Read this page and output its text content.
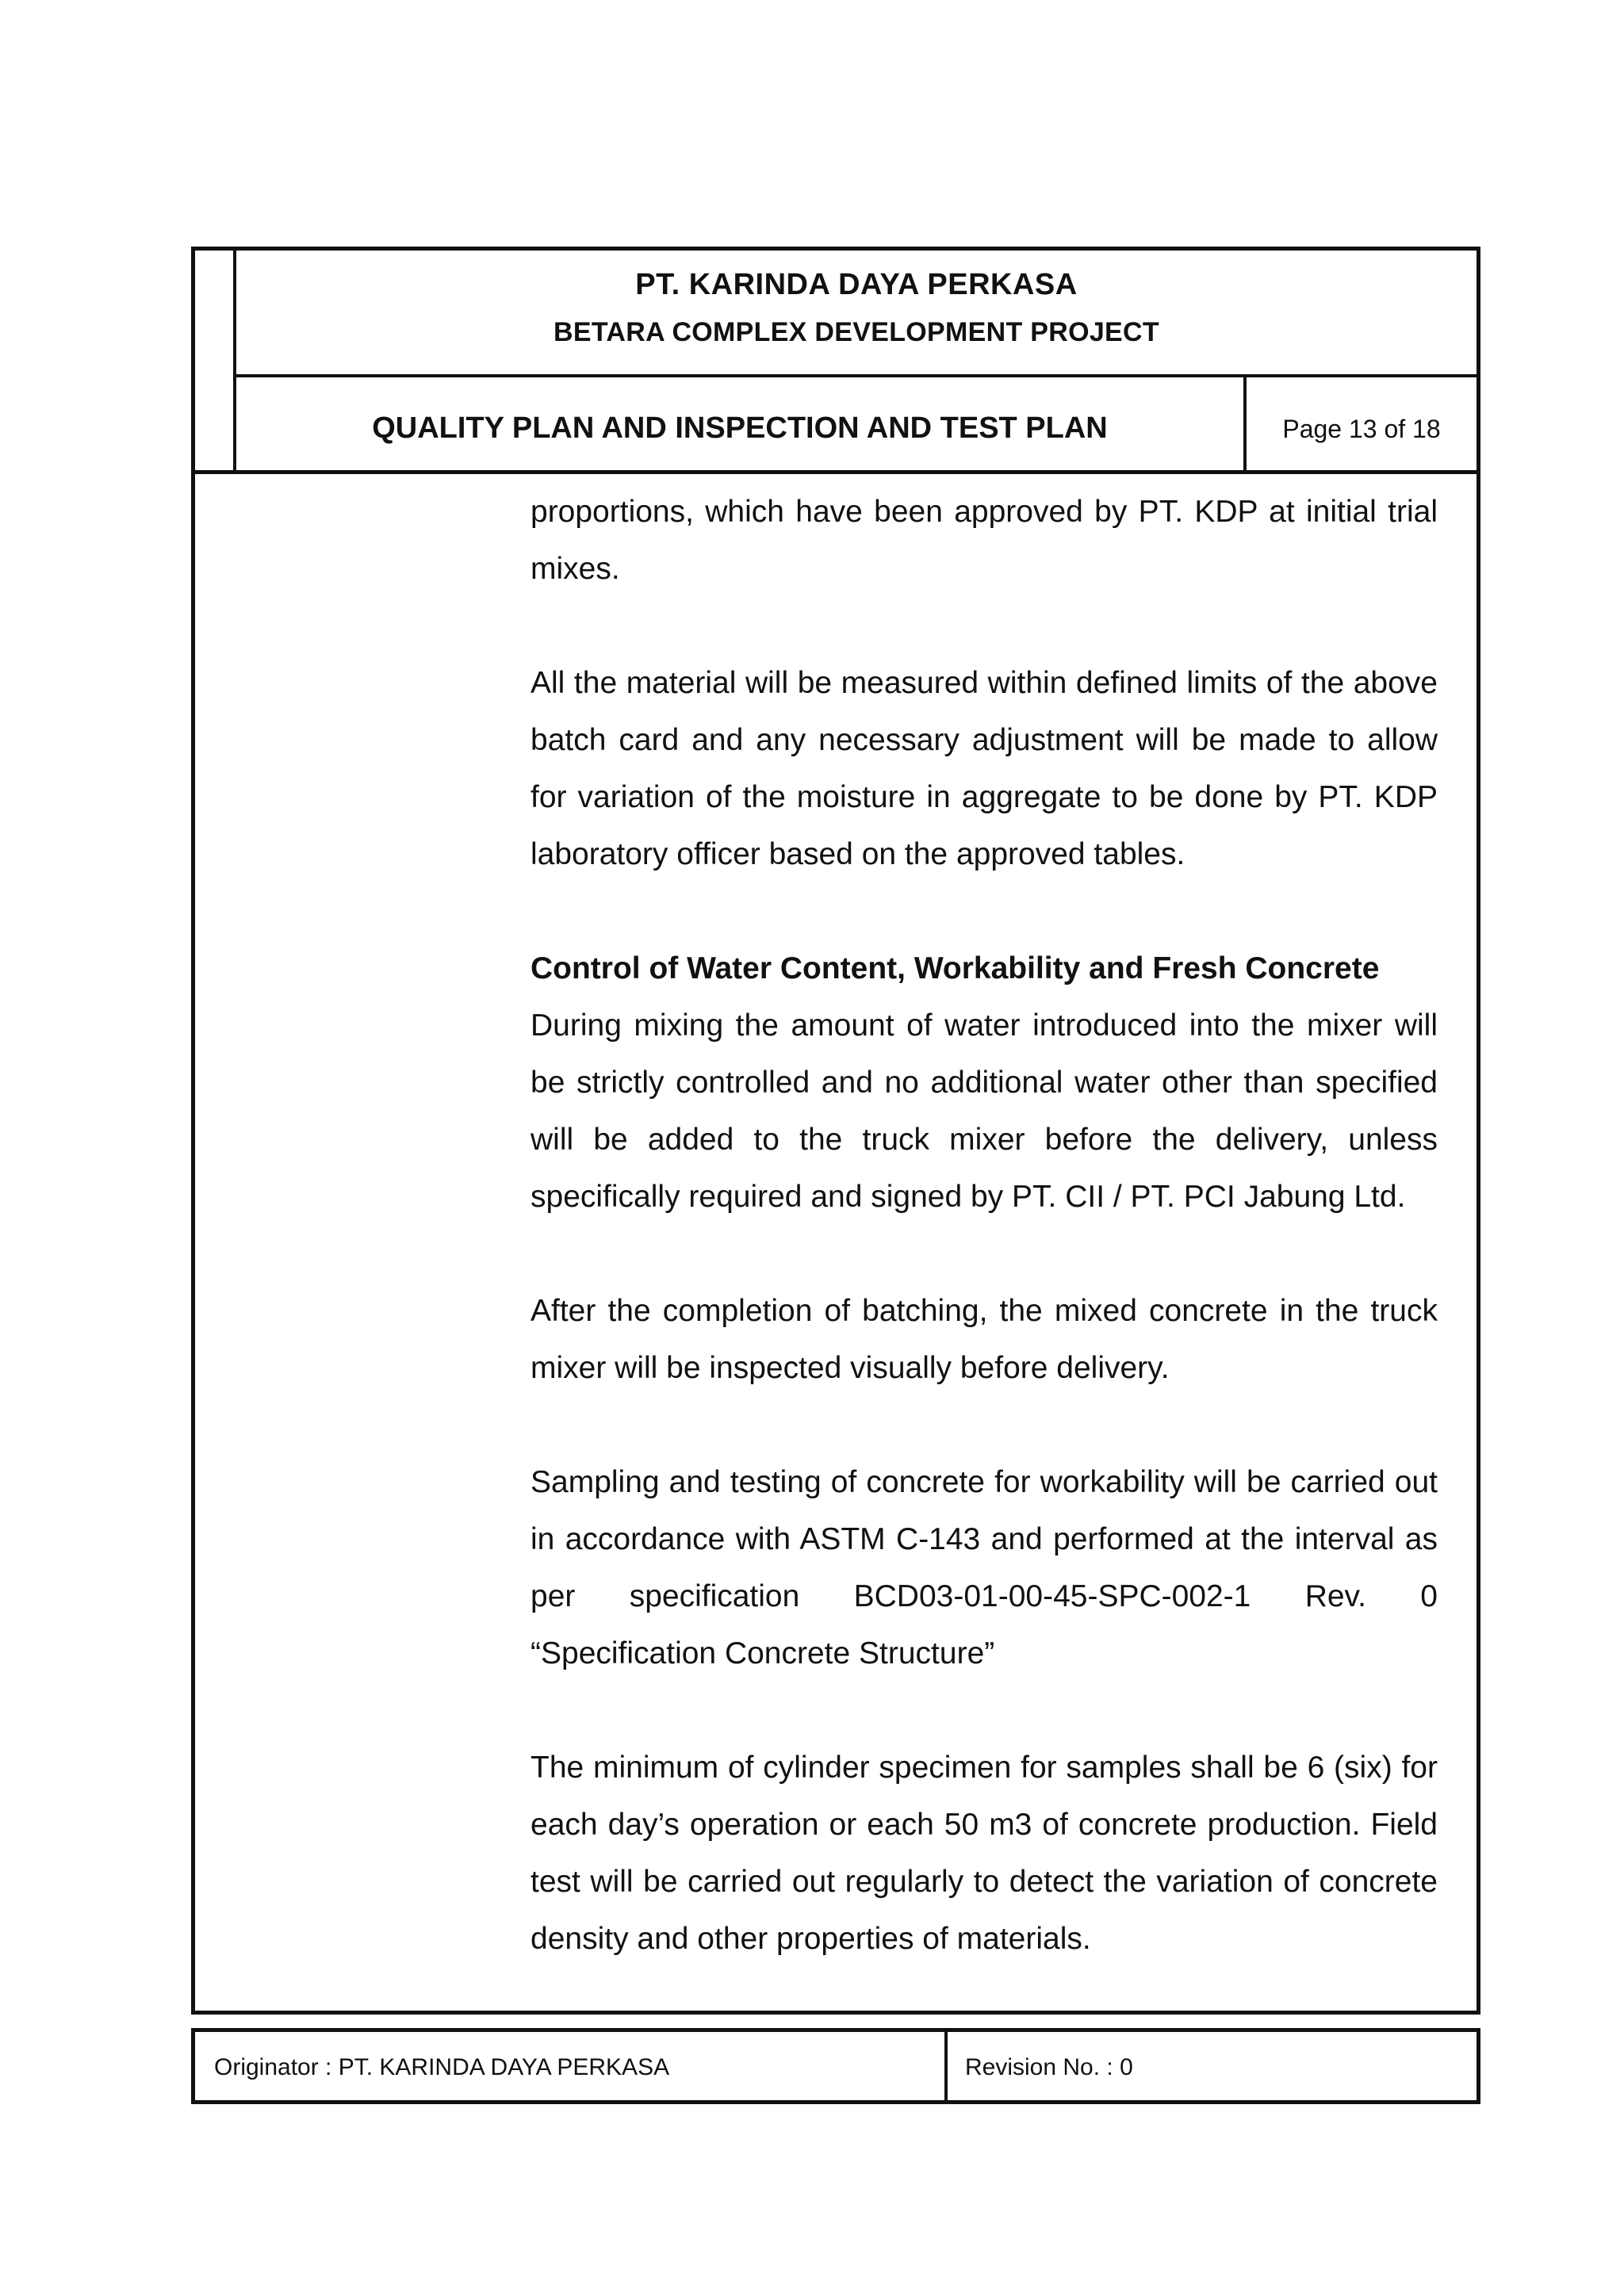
PT. KARINDA DAYA PERKASA
BETARA COMPLEX DEVELOPMENT PROJECT
QUALITY PLAN AND INSPECTION AND TEST PLAN	Page 13 of 18

proportions, which have been approved by PT. KDP at initial trial mixes.

All the material will be measured within defined limits of the above batch card and any necessary adjustment will be made to allow for variation of the moisture in aggregate to be done by PT. KDP laboratory officer based on the approved tables.

Control of Water Content, Workability and Fresh Concrete

During mixing the amount of water introduced into the mixer will be strictly controlled and no additional water other than specified will be added to the truck mixer before the delivery, unless specifically required and signed by PT. CII / PT. PCI Jabung Ltd.

After the completion of batching, the mixed concrete in the truck mixer will be inspected visually before delivery.

Sampling and testing of concrete for workability will be carried out in accordance with ASTM C-143 and performed at the interval as per specification BCD03-01-00-45-SPC-002-1 Rev. 0 “Specification Concrete Structure”

The minimum of cylinder specimen for samples shall be 6 (six) for each day’s operation or each 50 m3 of concrete production. Field test will be carried out regularly to detect the variation of concrete density and other properties of materials.

Originator : PT. KARINDA DAYA PERKASA	Revision No. : 0
